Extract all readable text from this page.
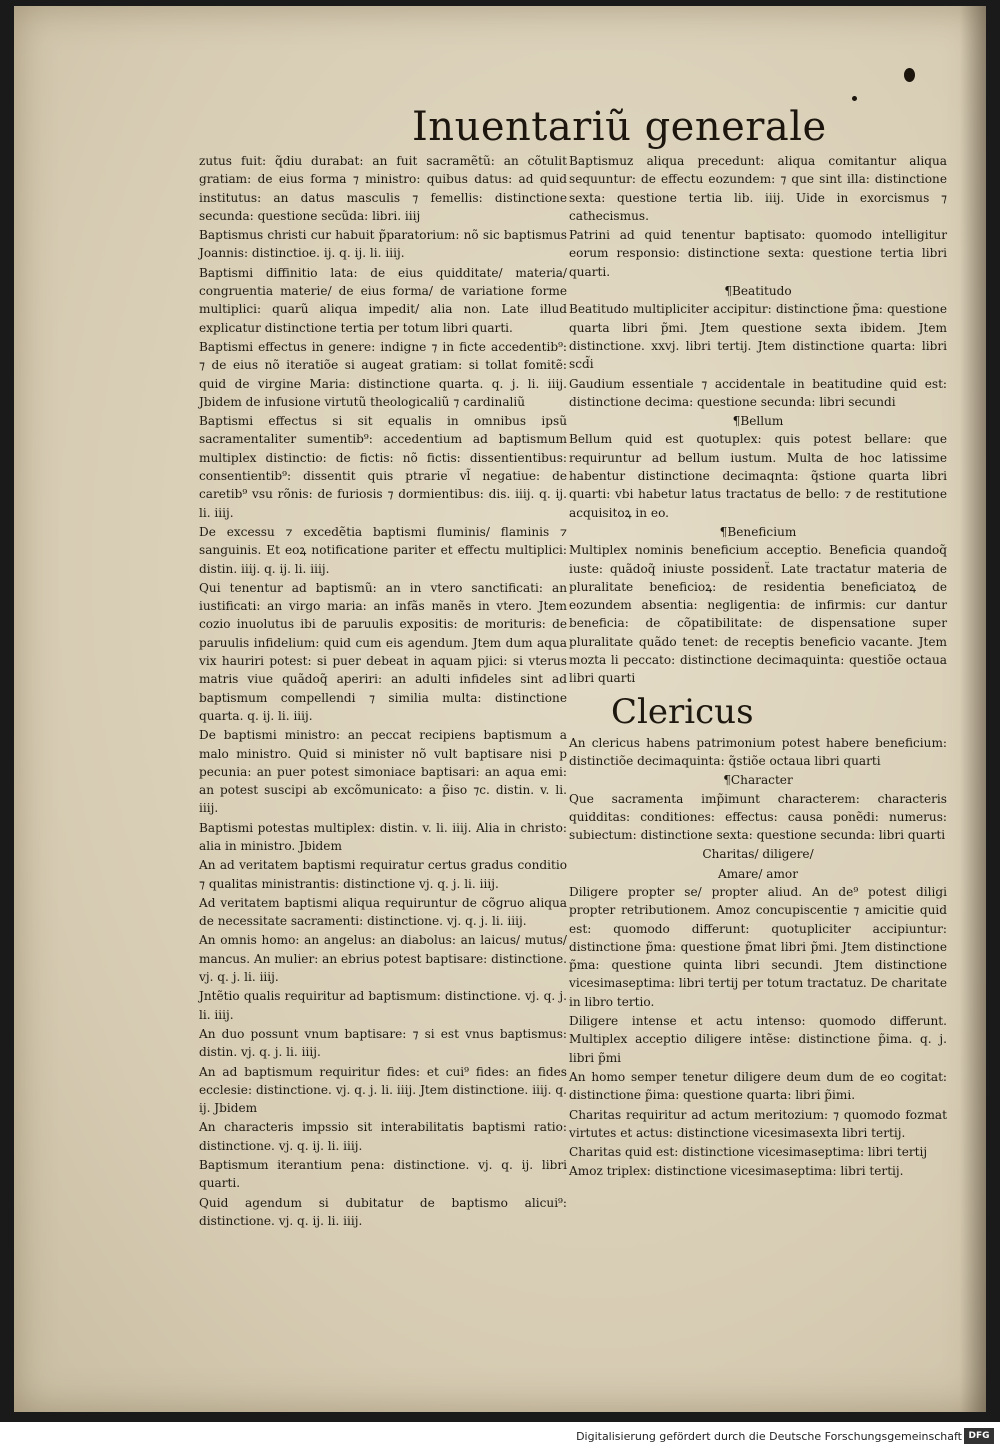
Inuentariũ generale
zutus fuit: q̃diu durabat: an fuit sacramẽtũ: an cõtulit gratiam: de eius forma ⁊ ministro: quibus datus: ad quid institutus: an datus masculis ⁊ femellis: distinctione secunda: questione secũda: libri. iiij
Baptismus christi cur habuit p̃paratorium: nõ sic baptismus Joannis: distinctioe. ij. q. ij. li. iiij.
Baptismi diffinitio lata: de eius quidditate/ materia/ congruentia materie/ de eius forma/ de variatione forme multiplici: quarũ aliqua impedit/ alia non. Late illud explicatur distinctione tertia per totum libri quarti.
Baptismi effectus in genere: indigne ⁊ in ficte accedentib⁹: ⁊ de eius nõ iteratiõe si augeat gratiam: si tollat fomitẽ: quid de virgine Maria: distinctione quarta. q. j. li. iiij. Jbidem de infusione virtutũ theologicaliũ ⁊ cardinaliũ
Baptismi effectus si sit equalis in omnibus ipsũ sacramentaliter sumentib⁹: accedentium ad baptismum multiplex distinctio: de fictis: nõ fictis: dissentientibus: consentientib⁹: dissentit quis ptrarie vl̃ negatiue: de caretib⁹ vsu rõnis: de furiosis ⁊ dormientibus: dis. iiij. q. ij. li. iiij.
De excessu ⁊ excedẽtia baptismi fluminis/ flaminis ⁊ sanguinis. Et eoꝝ notificatione pariter et effectu multiplici: distin. iiij. q. ij. li. iiij.
Qui tenentur ad baptismũ: an in vtero sanctificati: an iustificati: an virgo maria: an infãs manẽs in vtero. Jtem cozio inuolutus ibi de paruulis expositis: de morituris: de paruulis infidelium: quid cum eis agendum. Jtem dum aqua vix hauriri potest: si puer debeat in aquam pjici: si vterus matris viue quãdoq̃ aperiri: an adulti infideles sint ad baptismum compellendi ⁊ similia multa: distinctione quarta. q. ij. li. iiij.
De baptismi ministro: an peccat recipiens baptismum a malo ministro. Quid si minister nõ vult baptisare nisi p pecunia: an puer potest simoniace baptisari: an aqua emi: an potest suscipi ab excõmunicato: a p̃iso ⁊c. distin. v. li. iiij.
Baptismi potestas multiplex: distin. v. li. iiij. Alia in christo: alia in ministro. Jbidem
An ad veritatem baptismi requiratur certus gradus conditio ⁊ qualitas ministrantis: distinctione vj. q. j. li. iiij.
Ad veritatem baptismi aliqua requiruntur de cõgruo aliqua de necessitate sacramenti: distinctione. vj. q. j. li. iiij.
An omnis homo: an angelus: an diabolus: an laicus/ mutus/ mancus. An mulier: an ebrius potest baptisare: distinctione. vj. q. j. li. iiij.
Jntẽtio qualis requiritur ad baptismum: distinctione. vj. q. j. li. iiij.
An duo possunt vnum baptisare: ⁊ si est vnus baptismus: distin. vj. q. j. li. iiij.
An ad baptismum requiritur fides: et cui⁹ fides: an fides ecclesie: distinctione. vj. q. j. li. iiij. Jtem distinctione. iiij. q. ij. Jbidem
An characteris impssio sit interabilitatis baptismi ratio: distinctione. vj. q. ij. li. iiij.
Baptismum iterantium pena: distinctione. vj. q. ij. libri quarti.
Quid agendum si dubitatur de baptismo alicui⁹: distinctione. vj. q. ij. li. iiij.
Baptismuz aliqua precedunt: aliqua comitantur aliqua sequuntur: de effectu eozundem: ⁊ que sint illa: distinctione sexta: questione tertia lib. iiij. Uide in exorcismus ⁊ cathecismus.
Patrini ad quid tenentur baptisato: quomodo intelligitur eorum responsio: distinctione sexta: questione tertia libri quarti.
¶Beatitudo
Beatitudo multipliciter accipitur: distinctione p̃ma: questione quarta libri p̃mi. Jtem questione sexta ibidem. Jtem distinctione. xxvj. libri tertij. Jtem distinctione quarta: libri scd̃i
Gaudium essentiale ⁊ accidentale in beatitudine quid est: distinctione decima: questione secunda: libri secundi
¶Bellum
Bellum quid est quotuplex: quis potest bellare: que requiruntur ad bellum iustum. Multa de hoc latissime habentur distinctione decimaqnta: q̃stione quarta libri quarti: vbi habetur latus tractatus de bello: ⁊ de restitutione acquisitoꝝ in eo.
¶Beneficium
Multiplex nominis beneficium acceptio. Beneficia quandoq̃ iuste: quãdoq̃ iniuste possidenẗ. Late tractatur materia de pluralitate beneficioꝝ: de residentia beneficiatoꝝ de eozundem absentia: negligentia: de infirmis: cur dantur beneficia: de cõpatibilitate: de dispensatione super pluralitate quãdo tenet: de receptis beneficio vacante. Jtem mozta li peccato: distinctione decimaquinta: questiõe octaua libri quarti
Clericus
An clericus habens patrimonium potest habere beneficium: distinctiõe decimaquinta: q̃stiõe octaua libri quarti
¶Character
Que sacramenta imp̃imunt characterem: characteris quidditas: conditiones: effectus: causa ponẽdi: numerus: subiectum: distinctione sexta: questione secunda: libri quarti
Charitas/ diligere/
Amare/ amor
Diligere propter se/ propter aliud. An de⁹ potest diligi propter retributionem. Amoz concupiscentie ⁊ amicitie quid est: quomodo differunt: quotupliciter accipiuntur: distinctione p̃ma: questione p̃mat libri p̃mi. Jtem distinctione p̃ma: questione quinta libri secundi. Jtem distinctione vicesimaseptima: libri tertij per totum tractatuz. De charitate in libro tertio.
Diligere intense et actu intenso: quomodo differunt. Multiplex acceptio diligere intẽse: distinctione p̃ima. q. j. libri p̃mi
An homo semper tenetur diligere deum dum de eo cogitat: distinctione p̃ima: questione quarta: libri p̃imi.
Charitas requiritur ad actum meritozium: ⁊ quomodo fozmat virtutes et actus: distinctione vicesimasexta libri tertij.
Charitas quid est: distinctione vicesimaseptima: libri tertij
Amoz triplex: distinctione vicesimaseptima: libri tertij.
Digitalisierung gefördert durch die Deutsche Forschungsgemeinschaft DFG
